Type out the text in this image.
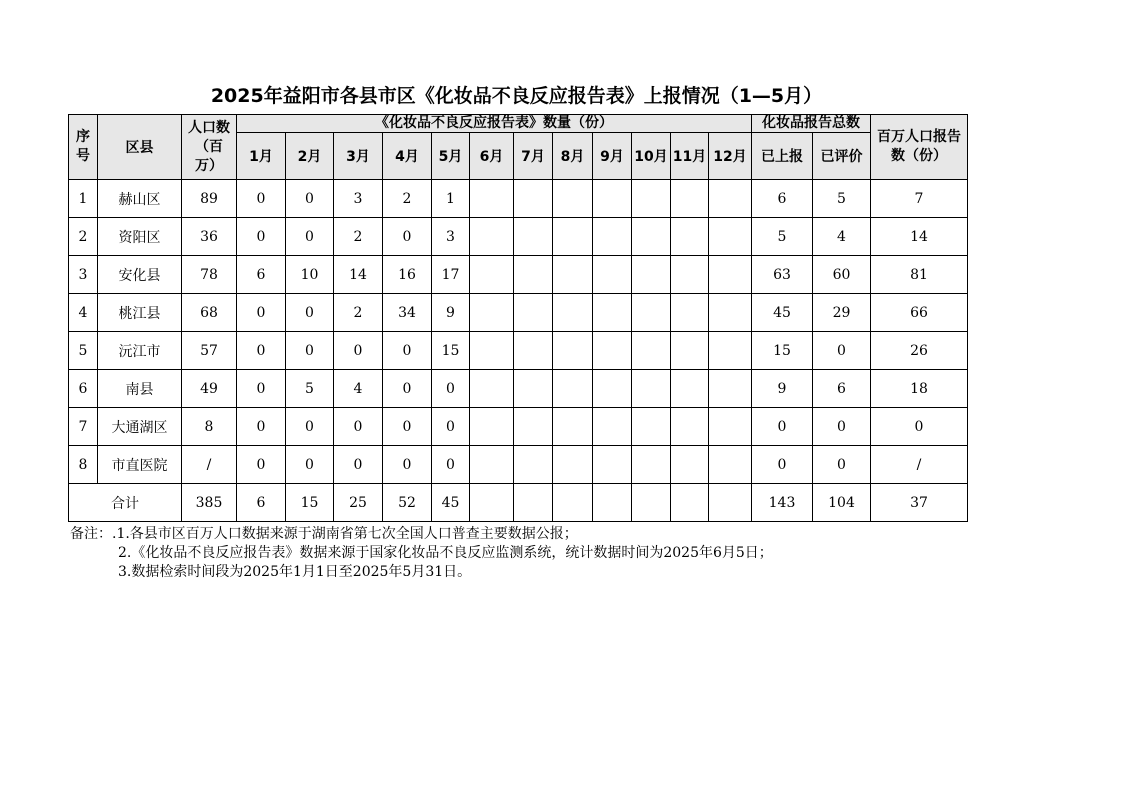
2025年益阳市各县市区《化妆品不良反应报告表》上报情况（1—5月）
序号	区县	人口数（百万）	《化妆品不良反应报告表》数量（份）												化妆品报告总数		百万人口报告数（份）
			1月	2月	3月	4月	5月	6月	7月	8月	9月	10月	11月	12月	已上报	已评价	
1	赫山区	89	0	0	3	2	1								6	5	7
2	资阳区	36	0	0	2	0	3								5	4	14
3	安化县	78	6	10	14	16	17								63	60	81
4	桃江县	68	0	0	2	34	9								45	29	66
5	沅江市	57	0	0	0	0	15								15	0	26
6	南县	49	0	5	4	0	0								9	6	18
7	大通湖区	8	0	0	0	0	0								0	0	0
8	市直医院	/	0	0	0	0	0								0	0	/
合计		385	6	15	25	52	45								143	104	37
备注：.1.各县市区百万人口数据来源于湖南省第七次全国人口普查主要数据公报；
2.《化妆品不良反应报告表》数据来源于国家化妆品不良反应监测系统，统计数据时间为2025年6月5日；
3.数据检索时间段为2025年1月1日至2025年5月31日。
